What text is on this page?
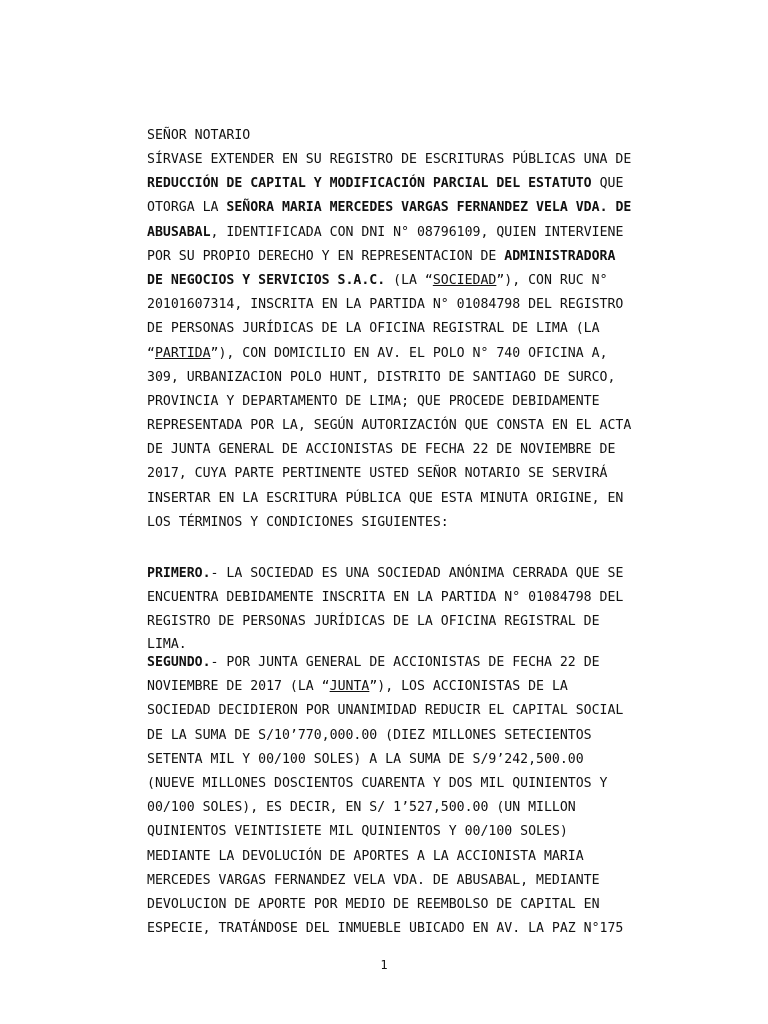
SEÑOR NOTARIO
SÍRVASE EXTENDER EN SU REGISTRO DE ESCRITURAS PÚBLICAS UNA DE
REDUCCIÓN DE CAPITAL Y MODIFICACIÓN PARCIAL DEL ESTATUTO QUE
OTORGA LA SEÑORA MARIA MERCEDES VARGAS FERNANDEZ VELA VDA. DE
ABUSABAL, IDENTIFICADA CON DNI N° 08796109, QUIEN INTERVIENE
POR SU PROPIO DERECHO Y EN REPRESENTACION DE ADMINISTRADORA
DE NEGOCIOS Y SERVICIOS S.A.C. (LA “SOCIEDAD”), CON RUC N°
20101607314, INSCRITA EN LA PARTIDA N° 01084798 DEL REGISTRO
DE PERSONAS JURÍDICAS DE LA OFICINA REGISTRAL DE LIMA (LA
“PARTIDA”), CON DOMICILIO EN AV. EL POLO N° 740 OFICINA A,
309, URBANIZACION POLO HUNT, DISTRITO DE SANTIAGO DE SURCO,
PROVINCIA Y DEPARTAMENTO DE LIMA; QUE PROCEDE DEBIDAMENTE
REPRESENTADA POR LA, SEGÚN AUTORIZACIÓN QUE CONSTA EN EL ACTA
DE JUNTA GENERAL DE ACCIONISTAS DE FECHA 22 DE NOVIEMBRE DE
2017, CUYA PARTE PERTINENTE USTED SEÑOR NOTARIO SE SERVIRÁ
INSERTAR EN LA ESCRITURA PÚBLICA QUE ESTA MINUTA ORIGINE, EN
LOS TÉRMINOS Y CONDICIONES SIGUIENTES:
PRIMERO.- LA SOCIEDAD ES UNA SOCIEDAD ANÓNIMA CERRADA QUE SE
ENCUENTRA DEBIDAMENTE INSCRITA EN LA PARTIDA N° 01084798 DEL
REGISTRO DE PERSONAS JURÍDICAS DE LA OFICINA REGISTRAL DE
LIMA.
SEGUNDO.- POR JUNTA GENERAL DE ACCIONISTAS DE FECHA 22 DE
NOVIEMBRE DE 2017 (LA “JUNTA”), LOS ACCIONISTAS DE LA
SOCIEDAD DECIDIERON POR UNANIMIDAD REDUCIR EL CAPITAL SOCIAL
DE LA SUMA DE S/10’770,000.00 (DIEZ MILLONES SETECIENTOS
SETENTA MIL Y 00/100 SOLES) A LA SUMA DE S/9’242,500.00
(NUEVE MILLONES DOSCIENTOS CUARENTA Y DOS MIL QUINIENTOS Y
00/100 SOLES), ES DECIR, EN S/ 1’527,500.00 (UN MILLON
QUINIENTOS VEINTISIETE MIL QUINIENTOS Y 00/100 SOLES)
MEDIANTE LA DEVOLUCIÓN DE APORTES A LA ACCIONISTA MARIA
MERCEDES VARGAS FERNANDEZ VELA VDA. DE ABUSABAL, MEDIANTE
DEVOLUCION DE APORTE POR MEDIO DE REEMBOLSO DE CAPITAL EN
ESPECIE, TRATÁNDOSE DEL INMUEBLE UBICADO EN AV. LA PAZ N°175
1
